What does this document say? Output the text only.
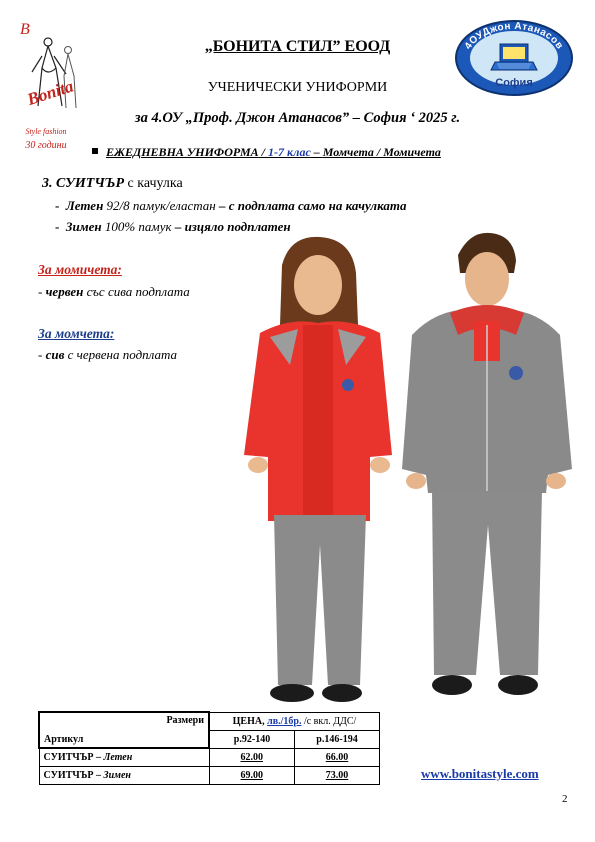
B
Bonita
Style fashion
30 години
4ОУДжон Атанасов
София
„БОНИТА СТИЛ” ЕООД
УЧЕНИЧЕСКИ УНИФОРМИ
за 4.ОУ „Проф. Джон Атанасов” – София ‘ 2025 г.
ЕЖЕДНЕВНА УНИФОРМА / 1-7 клас – Момчета / Момичета
3. СУИТЧЪР с качулка
-  Летен 92/8 памук/еластан – с подплата само на качулката
-  Зимен 100% памук – изцяло подплатен
За момичета:
- червен със сива подплата
За момчета:
- сив с червена подплата
Размери
Артикул	ЦЕНА, лв./1бр. /с вкл. ДДС/	
	р.92-140	р.146-194
СУИТЧЪР – Летен	62.00	66.00
СУИТЧЪР – Зимен	69.00	73.00	www.bonitastyle.com
2
